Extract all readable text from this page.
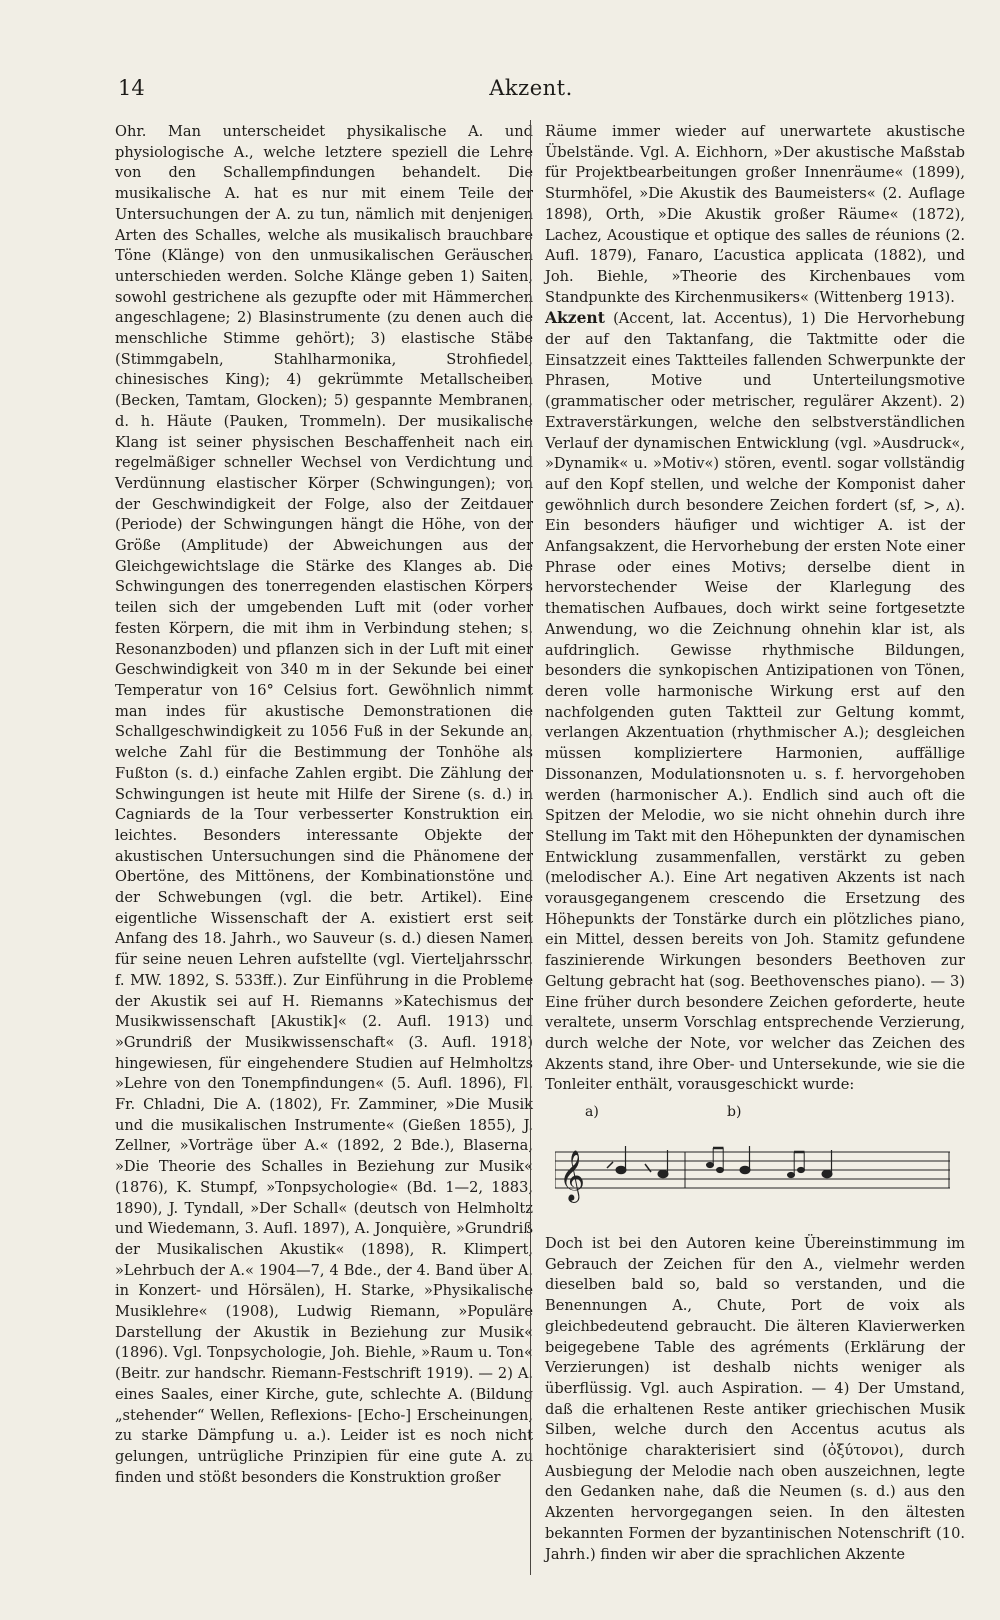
14	Akzent.

Ohr. Man unterscheidet physikalische A. und physiologische A., welche letztere speziell die Lehre von den Schallempfindungen behandelt. Die musikalische A. hat es nur mit einem Teile der Untersuchungen der A. zu tun, nämlich mit denjenigen Arten des Schalles, welche als musikalisch brauchbare Töne (Klänge) von den unmusikalischen Geräuschen unterschieden werden. Solche Klänge geben 1) Saiten, sowohl gestrichene als gezupfte oder mit Hämmerchen angeschlagene; 2) Blasinstrumente (zu denen auch die menschliche Stimme gehört); 3) elastische Stäbe (Stimmgabeln, Stahlharmonika, Strohfiedel, chinesisches King); 4) gekrümmte Metallscheiben (Becken, Tamtam, Glocken); 5) gespannte Membranen, d. h. Häute (Pauken, Trommeln). Der musikalische Klang ist seiner physischen Beschaffenheit nach ein regelmäßiger schneller Wechsel von Verdichtung und Verdünnung elastischer Körper (Schwingungen); von der Geschwindigkeit der Folge, also der Zeitdauer (Periode) der Schwingungen hängt die Höhe, von der Größe (Amplitude) der Abweichungen aus der Gleichgewichtslage die Stärke des Klanges ab. Die Schwingungen des tonerregenden elastischen Körpers teilen sich der umgebenden Luft mit (oder vorher festen Körpern, die mit ihm in Verbindung stehen; s. Resonanzboden) und pflanzen sich in der Luft mit einer Geschwindigkeit von 340 m in der Sekunde bei einer Temperatur von 16° Celsius fort. Gewöhnlich nimmt man indes für akustische Demonstrationen die Schallgeschwindigkeit zu 1056 Fuß in der Sekunde an, welche Zahl für die Bestimmung der Tonhöhe als Fußton (s. d.) einfache Zahlen ergibt. Die Zählung der Schwingungen ist heute mit Hilfe der Sirene (s. d.) in Cagniards de la Tour verbesserter Konstruktion ein leichtes. Besonders interessante Objekte der akustischen Untersuchungen sind die Phänomene der Obertöne, des Mittönens, der Kombinationstöne und der Schwebungen (vgl. die betr. Artikel). Eine eigentliche Wissenschaft der A. existiert erst seit Anfang des 18. Jahrh., wo Sauveur (s. d.) diesen Namen für seine neuen Lehren aufstellte (vgl. Vierteljahrsschr. f. MW. 1892, S. 533ff.). Zur Einführung in die Probleme der Akustik sei auf H. Riemanns »Katechismus der Musikwissenschaft [Akustik]« (2. Aufl. 1913) und »Grundriß der Musikwissenschaft« (3. Aufl. 1918) hingewiesen, für eingehendere Studien auf Helmholtzs »Lehre von den Tonempfindungen« (5. Aufl. 1896), Fl. Fr. Chladni, Die A. (1802), Fr. Zamminer, »Die Musik und die musikalischen Instrumente« (Gießen 1855), J. Zellner, »Vorträge über A.« (1892, 2 Bde.), Blaserna, »Die Theorie des Schalles in Beziehung zur Musik« (1876), K. Stumpf, »Tonpsychologie« (Bd. 1—2, 1883, 1890), J. Tyndall, »Der Schall« (deutsch von Helmholtz und Wiedemann, 3. Aufl. 1897), A. Jonquière, »Grundriß der Musikalischen Akustik« (1898), R. Klimpert, »Lehrbuch der A.« 1904—7, 4 Bde., der 4. Band über A. in Konzert- und Hörsälen), H. Starke, »Physikalische Musiklehre« (1908), Ludwig Riemann, »Populäre Darstellung der Akustik in Beziehung zur Musik« (1896). Vgl. Tonpsychologie, Joh. Biehle, »Raum u. Ton« (Beitr. zur handschr. Riemann-Festschrift 1919). — 2) A. eines Saales, einer Kirche, gute, schlechte A. (Bildung „stehender“ Wellen, Reflexions- [Echo-] Erscheinungen, zu starke Dämpfung u. a.). Leider ist es noch nicht gelungen, untrügliche Prinzipien für eine gute A. zu finden und stößt besonders die Konstruktion großer

Räume immer wieder auf unerwartete akustische Übelstände. Vgl. A. Eichhorn, »Der akustische Maßstab für Projektbearbeitungen großer Innenräume« (1899), Sturmhöfel, »Die Akustik des Baumeisters« (2. Auflage 1898), Orth, »Die Akustik großer Räume« (1872), Lachez, Acoustique et optique des salles de réunions (2. Aufl. 1879), Fanaro, L’acustica applicata (1882), und Joh. Biehle, »Theorie des Kirchenbaues vom Standpunkte des Kirchenmusikers« (Wittenberg 1913).

Akzent (Accent, lat. Accentus), 1) Die Hervorhebung der auf den Taktanfang, die Taktmitte oder die Einsatzzeit eines Taktteiles fallenden Schwerpunkte der Phrasen, Motive und Unterteilungsmotive (grammatischer oder metrischer, regulärer Akzent). 2) Extraverstärkungen, welche den selbstverständlichen Verlauf der dynamischen Entwicklung (vgl. »Ausdruck«, »Dynamik« u. »Motiv«) stören, eventl. sogar vollständig auf den Kopf stellen, und welche der Komponist daher gewöhnlich durch besondere Zeichen fordert (sf, >, ʌ). Ein besonders häufiger und wichtiger A. ist der Anfangsakzent, die Hervorhebung der ersten Note einer Phrase oder eines Motivs; derselbe dient in hervorstechender Weise der Klarlegung des thematischen Aufbaues, doch wirkt seine fortgesetzte Anwendung, wo die Zeichnung ohnehin klar ist, als aufdringlich. Gewisse rhythmische Bildungen, besonders die synkopischen Antizipationen von Tönen, deren volle harmonische Wirkung erst auf den nachfolgenden guten Taktteil zur Geltung kommt, verlangen Akzentuation (rhythmischer A.); desgleichen müssen kompliziertere Harmonien, auffällige Dissonanzen, Modulationsnoten u. s. f. hervorgehoben werden (harmonischer A.). Endlich sind auch oft die Spitzen der Melodie, wo sie nicht ohnehin durch ihre Stellung im Takt mit den Höhepunkten der dynamischen Entwicklung zusammenfallen, verstärkt zu geben (melodischer A.). Eine Art negativen Akzents ist nach vorausgegangenem crescendo die Ersetzung des Höhepunkts der Tonstärke durch ein plötzliches piano, ein Mittel, dessen bereits von Joh. Stamitz gefundene faszinierende Wirkungen besonders Beethoven zur Geltung gebracht hat (sog. Beethovensches piano). — 3) Eine früher durch besondere Zeichen geforderte, heute veraltete, unserm Vorschlag entsprechende Verzierung, durch welche der Note, vor welcher das Zeichen des Akzents stand, ihre Ober- und Untersekunde, wie sie die Tonleiter enthält, vorausgeschickt wurde:

a)	b)
𝄞

Doch ist bei den Autoren keine Übereinstimmung im Gebrauch der Zeichen für den A., vielmehr werden dieselben bald so, bald so verstanden, und die Benennungen A., Chute, Port de voix als gleichbedeutend gebraucht. Die älteren Klavierwerken beigegebene Table des agréments (Erklärung der Verzierungen) ist deshalb nichts weniger als überflüssig. Vgl. auch Aspiration. — 4) Der Umstand, daß die erhaltenen Reste antiker griechischen Musik Silben, welche durch den Accentus acutus als hochtönige charakterisiert sind (ὀξύτονοι), durch Ausbiegung der Melodie nach oben auszeichnen, legte den Gedanken nahe, daß die Neumen (s. d.) aus den Akzenten hervorgegangen seien. In den ältesten bekannten Formen der byzantinischen Notenschrift (10. Jahrh.) finden wir aber die sprachlichen Akzente
